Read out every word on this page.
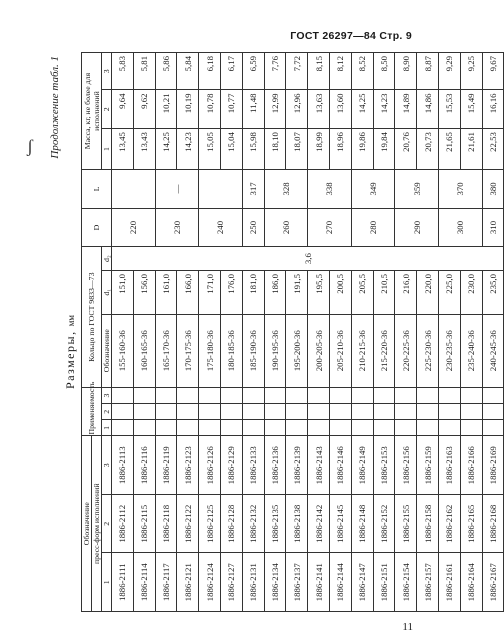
ГОСТ 26297—84 Стр. 9
ʃ Продолжение табл. 1
Размеры,мм
Обозначение			Применяемость			Кольцо по ГОСТ 9833—73			D	L	Масса, кг, не более для исполнений		
пресс-форм исполнений													
1	2	3	1	2	3	Обозначение	d₁	d₂			1	2	3
1886-2111	1886-2112	1886-2113				155-160-36	151,0	3,6	220		13,45	9,64	5,83
1886-2114	1886-2115	1886-2116				160-165-36	156,0				13,43	9,62	5,81
1886-2117	1886-2118	1886-2119				165-170-36	161,0		230	—	14,25	10,21	5,86
1886-2121	1886-2122	1886-2123				170-175-36	166,0				14,23	10,19	5,84
1886-2124	1886-2125	1886-2126				175-180-36	171,0		240		15,05	10,78	6,18
1886-2127	1886-2128	1886-2129				180-185-36	176,0				15,04	10,77	6,17
1886-2131	1886-2132	1886-2133				185-190-36	181,0		250	317	15,98	11,48	6,59
1886-2134	1886-2135	1886-2136				190-195-36	186,0		260	328	18,10	12,99	7,76
1886-2137	1886-2138	1886-2139				195-200-36	191,5				18,07	12,96	7,72
1886-2141	1886-2142	1886-2143				200-205-36	195,5		270	338	18,99	13,63	8,15
1886-2144	1886-2145	1886-2146				205-210-36	200,5				18,96	13,60	8,12
1886-2147	1886-2148	1886-2149				210-215-36	205,5		280	349	19,86	14,25	8,52
1886-2151	1886-2152	1886-2153				215-220-36	210,5				19,84	14,23	8,50
1886-2154	1886-2155	1886-2156				220-225-36	216,0		290	359	20,76	14,89	8,90
1886-2157	1886-2158	1886-2159				225-230-36	220,0				20,73	14,86	8,87
1886-2161	1886-2162	1886-2163				230-235-36	225,0		300	370	21,65	15,53	9,29
1886-2164	1886-2165	1886-2166				235-240-36	230,0				21,61	15,49	9,25
1886-2167	1886-2168	1886-2169				240-245-36	235,0		310	380	22,53	16,16	9,67
11
